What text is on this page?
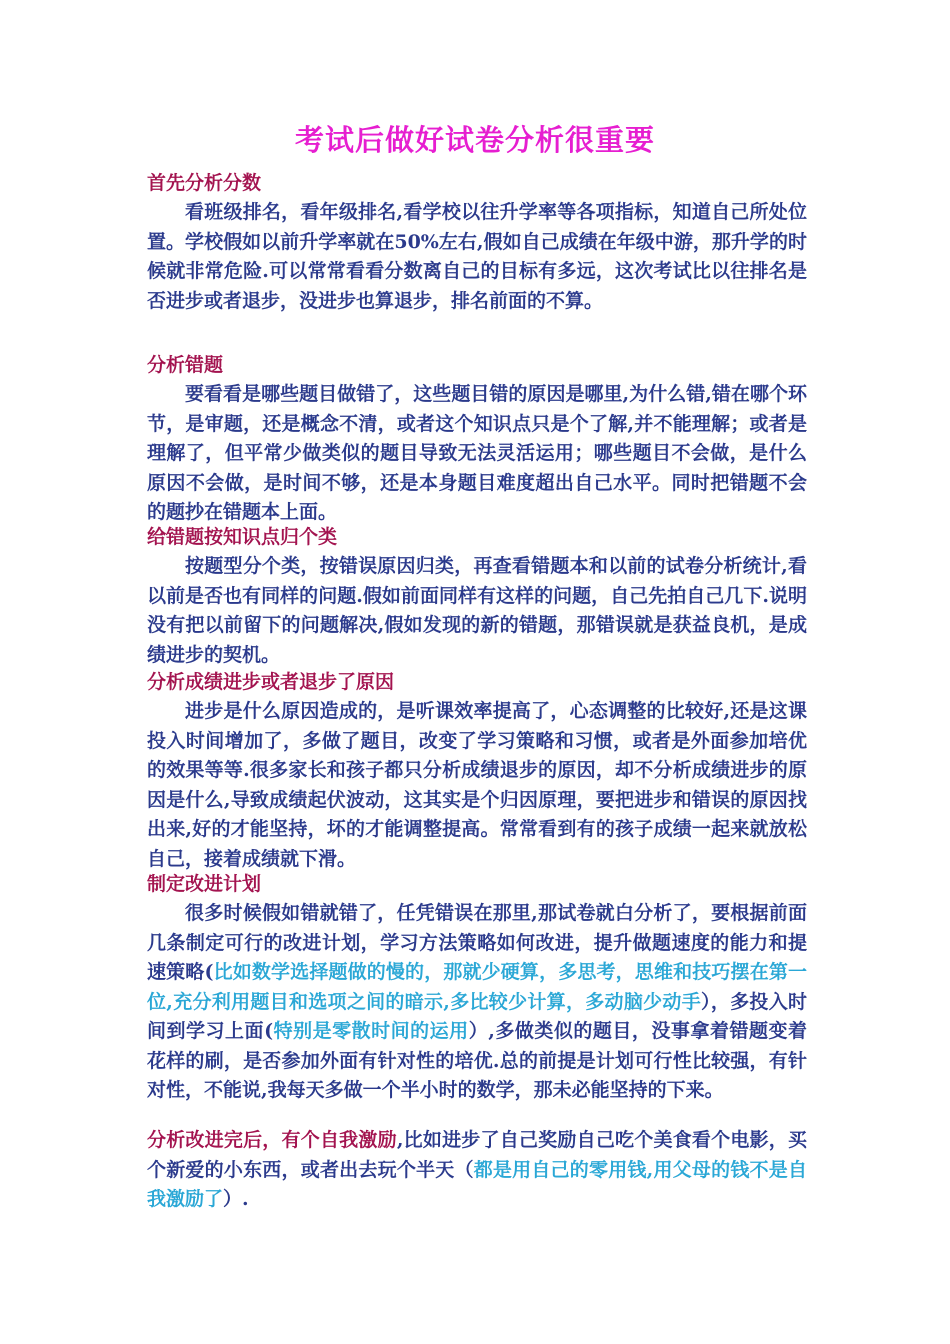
考试后做好试卷分析很重要
首先分析分数

看班级排名，看年级排名,看学校以往升学率等各项指标，知道自己所处位置。学校假如以前升学率就在50%左右,假如自己成绩在年级中游，那升学的时候就非常危险.可以常常看看分数离自己的目标有多远，这次考试比以往排名是否进步或者退步，没进步也算退步，排名前面的不算。

分析错题

要看看是哪些题目做错了，这些题目错的原因是哪里,为什么错,错在哪个环节，是审题，还是概念不清，或者这个知识点只是个了解,并不能理解；或者是理解了，但平常少做类似的题目导致无法灵活运用；哪些题目不会做，是什么原因不会做，是时间不够，还是本身题目难度超出自己水平。同时把错题不会的题抄在错题本上面。

给错题按知识点归个类

按题型分个类，按错误原因归类，再查看错题本和以前的试卷分析统计,看以前是否也有同样的问题.假如前面同样有这样的问题，自己先拍自己几下.说明没有把以前留下的问题解决,假如发现的新的错题，那错误就是获益良机，是成绩进步的契机。

分析成绩进步或者退步了原因

进步是什么原因造成的，是听课效率提高了，心态调整的比较好,还是这课投入时间增加了，多做了题目，改变了学习策略和习惯，或者是外面参加培优的效果等等.很多家长和孩子都只分析成绩退步的原因，却不分析成绩进步的原因是什么,导致成绩起伏波动，这其实是个归因原理，要把进步和错误的原因找出来,好的才能坚持，坏的才能调整提高。常常看到有的孩子成绩一起来就放松自己，接着成绩就下滑。

制定改进计划

很多时候假如错就错了，任凭错误在那里,那试卷就白分析了，要根据前面几条制定可行的改进计划，学习方法策略如何改进，提升做题速度的能力和提速策略(比如数学选择题做的慢的，那就少硬算，多思考，思维和技巧摆在第一位,充分利用题目和选项之间的暗示,多比较少计算，多动脑少动手），多投入时间到学习上面(特别是零散时间的运用）,多做类似的题目，没事拿着错题变着花样的刷，是否参加外面有针对性的培优.总的前提是计划可行性比较强，有针对性，不能说,我每天多做一个半小时的数学，那未必能坚持的下来。

分析改进完后，有个自我激励,比如进步了自己奖励自己吃个美食看个电影，买个新爱的小东西，或者出去玩个半天（都是用自己的零用钱,用父母的钱不是自我激励了）.
